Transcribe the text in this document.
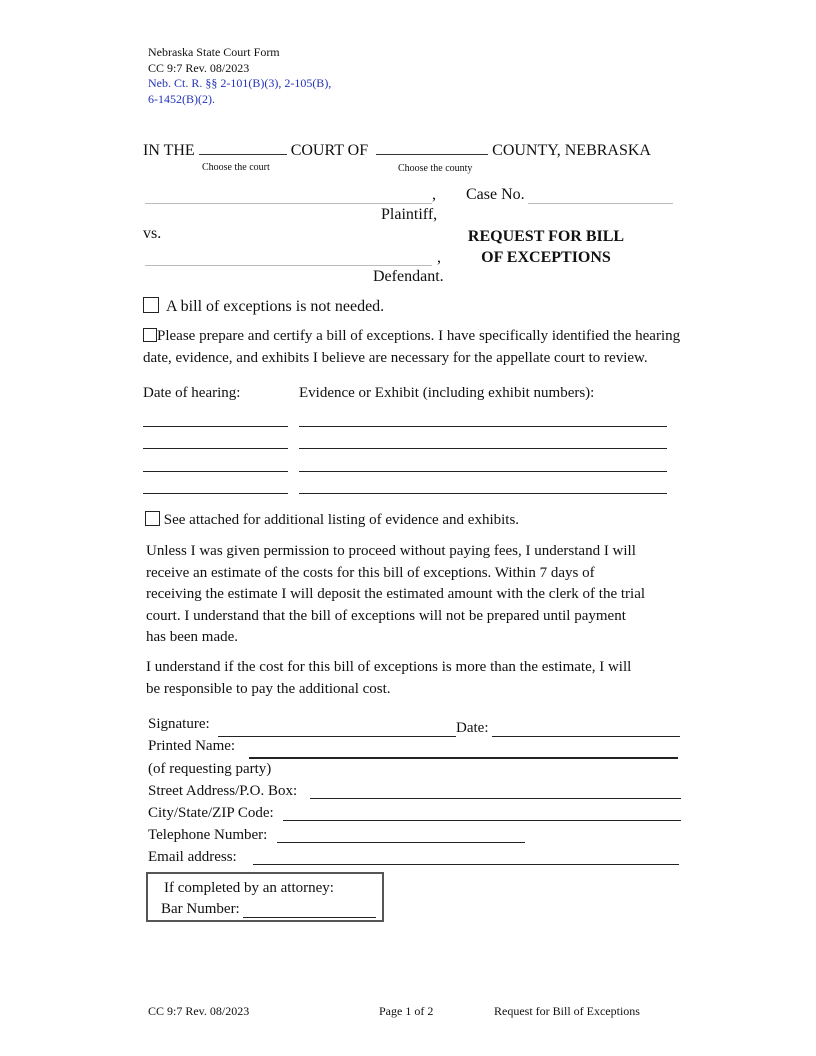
Nebraska State Court Form
CC 9:7 Rev. 08/2023
Neb. Ct. R. §§ 2-101(B)(3), 2-105(B),
6-1452(B)(2).
IN THE	COURT OF	COUNTY, NEBRASKA
Choose the court	Choose the county
,
Plaintiff,
Case No.
vs.	REQUEST FOR BILL
OF EXCEPTIONS
,
Defendant.
A bill of exceptions is not needed.
Please prepare and certify a bill of exceptions. I have specifically identified the hearing
date, evidence, and exhibits I believe are necessary for the appellate court to review.
Date of hearing:	Evidence or Exhibit (including exhibit numbers):
See attached for additional listing of evidence and exhibits.
Unless I was given permission to proceed without paying fees, I understand I will
receive an estimate of the costs for this bill of exceptions. Within 7 days of
receiving the estimate I will deposit the estimated amount with the clerk of the trial
court. I understand that the bill of exceptions will not be prepared until payment
has been made.
I understand if the cost for this bill of exceptions is more than the estimate, I will
be responsible to pay the additional cost.
Signature:	Date:
Printed Name:
(of requesting party)
Street Address/P.O. Box:
City/State/ZIP Code:
Telephone Number:
Email address:
If completed by an attorney:
Bar Number:
CC 9:7 Rev. 08/2023	Page 1 of 2	Request for Bill of Exceptions
